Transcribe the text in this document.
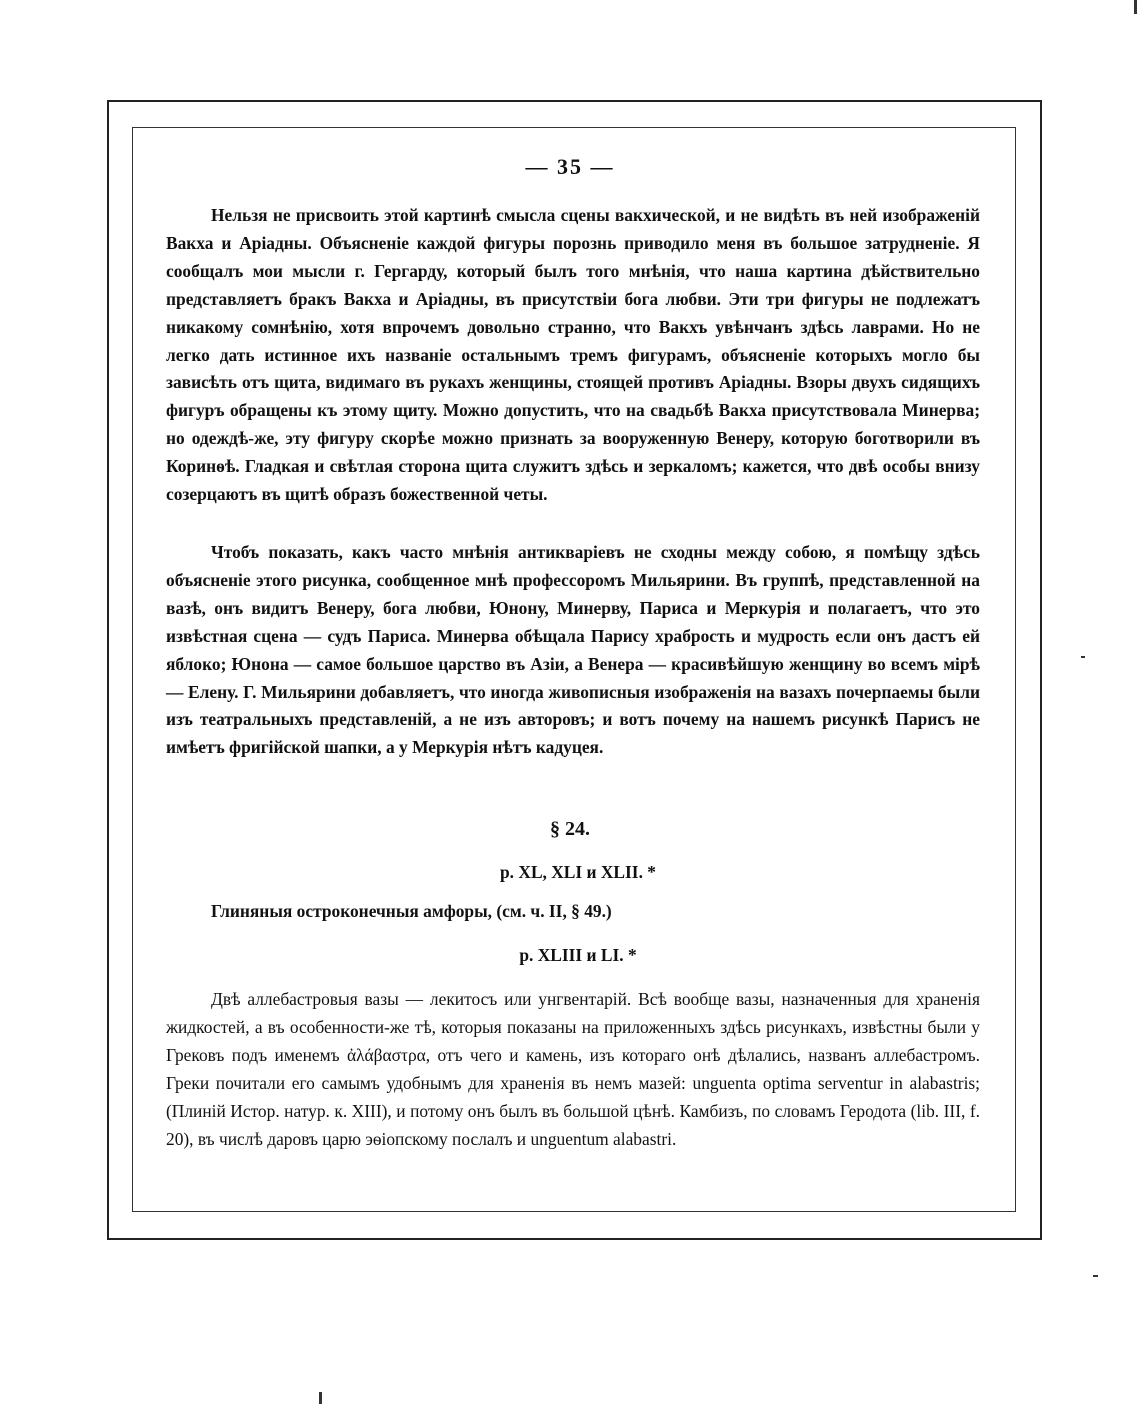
— 35 —

Нельзя не присвоить этой картинѣ смысла сцены вакхической, и не видѣть въ ней изображеній Вакха и Аріадны. Объясненіе каждой фигуры порознь приводило меня въ большое затрудненіе. Я сообщалъ мои мысли г. Гергарду, который былъ того мнѣнія, что наша картина дѣйствительно представляетъ бракъ Вакха и Аріадны, въ присутствіи бога любви. Эти три фигуры не подлежатъ никакому сомнѣнію, хотя впрочемъ довольно странно, что Вакхъ увѣнчанъ здѣсь лаврами. Но не легко дать истинное ихъ названіе остальнымъ тремъ фигурамъ, объясненіе которыхъ могло бы зависѣть отъ щита, видимаго въ рукахъ женщины, стоящей противъ Аріадны. Взоры двухъ сидящихъ фигуръ обращены къ этому щиту. Можно допустить, что на свадьбѣ Вакха присутствовала Минерва; но одеждѣ-же, эту фигуру скорѣе можно признать за вооруженную Венеру, которую боготворили въ Коринѳѣ. Гладкая и свѣтлая сторона щита служитъ здѣсь и зеркаломъ; кажется, что двѣ особы внизу созерцаютъ въ щитѣ образъ божественной четы.

Чтобъ показать, какъ часто мнѣнія антикваріевъ не сходны между собою, я помѣщу здѣсь объясненіе этого рисунка, сообщенное мнѣ профессоромъ Мильярини. Въ группѣ, представленной на вазѣ, онъ видитъ Венеру, бога любви, Юнону, Минерву, Париса и Меркурія и полагаетъ, что это извѣстная сцена — судъ Париса. Минерва обѣщала Парису храбрость и мудрость если онъ дастъ ей яблоко; Юнона — самое большое царство въ Азіи, а Венера — красивѣйшую женщину во всемъ мірѣ — Елену. Г. Мильярини добавляетъ, что иногда живописныя изображенія на вазахъ почерпаемы были изъ театральныхъ представленій, а не изъ авторовъ; и вотъ почему на нашемъ рисункѣ Парисъ не имѣетъ фригійской шапки, а у Меркурія нѣтъ кадуцея.

§ 24.
р. XL, XLI и XLII. *
Глиняныя остроконечныя амфоры, (см. ч. II, § 49.)
р. XLIII и LI. *

Двѣ аллебастровыя вазы — лекитосъ или унгвентарій. Всѣ вообще вазы, назначенныя для храненія жидкостей, а въ особенности-же тѣ, которыя показаны на приложенныхъ здѣсь рисункахъ, извѣстны были у Грековъ подъ именемъ ἀλάβαστρα, отъ чего и камень, изъ котораго онѣ дѣлались, названъ аллебастромъ. Греки почитали его самымъ удобнымъ для храненія въ немъ мазей: unguenta optima serventur in alabastris; (Плиній Истор. натур. к. XIII), и потому онъ былъ въ большой цѣнѣ. Камбизъ, по словамъ Геродота (lib. III, f. 20), въ числѣ даровъ царю эѳіопскому послалъ и unguentum alabastri.
